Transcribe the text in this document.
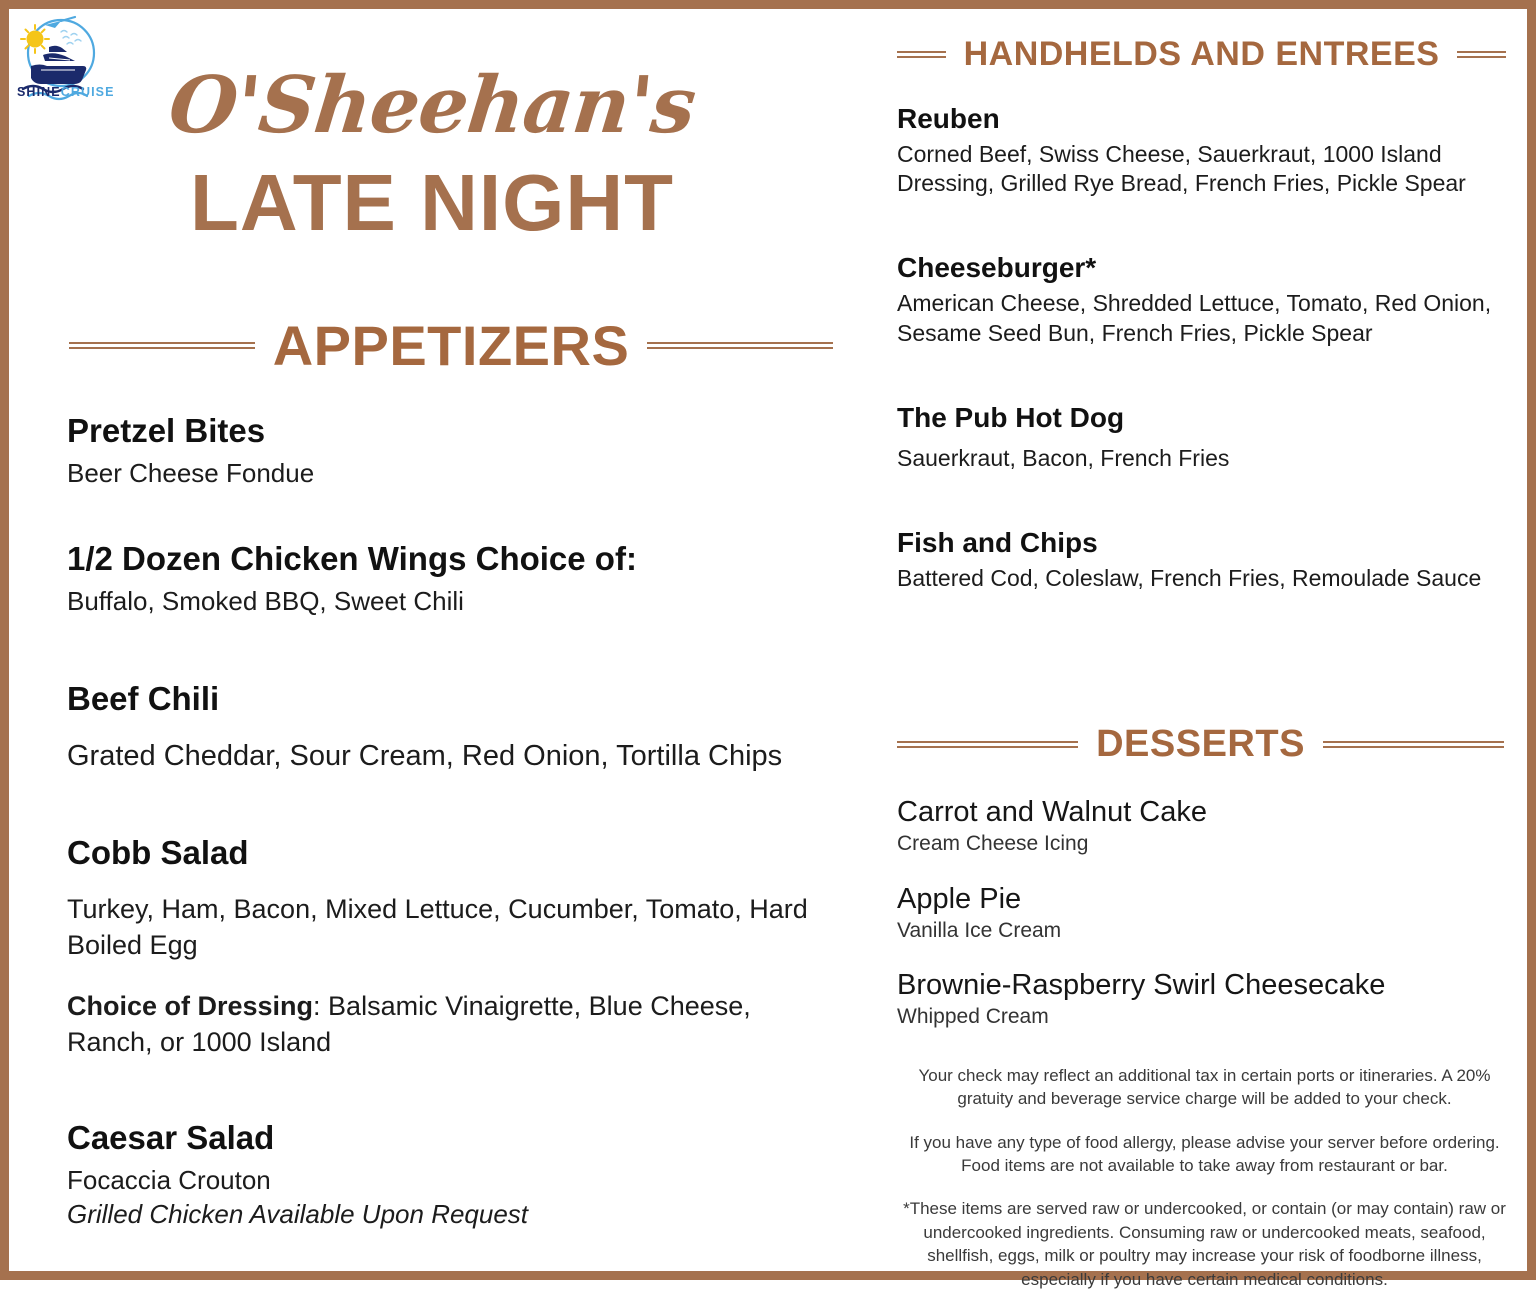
SHINECRUISE O'Sheehan's
LATE NIGHT
APPETIZERS

Pretzel Bites

Beer Cheese Fondue

1/2 Dozen Chicken Wings Choice of:

Buffalo, Smoked BBQ, Sweet Chili

Beef Chili

Grated Cheddar, Sour Cream, Red Onion, Tortilla Chips

Cobb Salad

Turkey, Ham, Bacon, Mixed Lettuce, Cucumber, Tomato, Hard Boiled Egg

Choice of Dressing: Balsamic Vinaigrette, Blue Cheese, Ranch, or 1000 Island

Caesar Salad

Focaccia Crouton

Grilled Chicken Available Upon Request

HANDHELDS AND ENTREES

Reuben

Corned Beef, Swiss Cheese, Sauerkraut, 1000 Island Dressing, Grilled Rye Bread, French Fries, Pickle Spear

Cheeseburger*

American Cheese, Shredded Lettuce, Tomato, Red Onion, Sesame Seed Bun, French Fries, Pickle Spear

The Pub Hot Dog

Sauerkraut, Bacon, French Fries

Fish and Chips

Battered Cod, Coleslaw, French Fries, Remoulade Sauce

DESSERTS

Carrot and Walnut Cake

Cream Cheese Icing

Apple Pie

Vanilla Ice Cream

Brownie-Raspberry Swirl Cheesecake

Whipped Cream

Your check may reflect an additional tax in certain ports or itineraries. A 20% gratuity and beverage service charge will be added to your check.

If you have any type of food allergy, please advise your server before ordering. Food items are not available to take away from restaurant or bar.

*These items are served raw or undercooked, or contain (or may contain) raw or undercooked ingredients. Consuming raw or undercooked meats, seafood, shellfish, eggs, milk or poultry may increase your risk of foodborne illness, especially if you have certain medical conditions.
